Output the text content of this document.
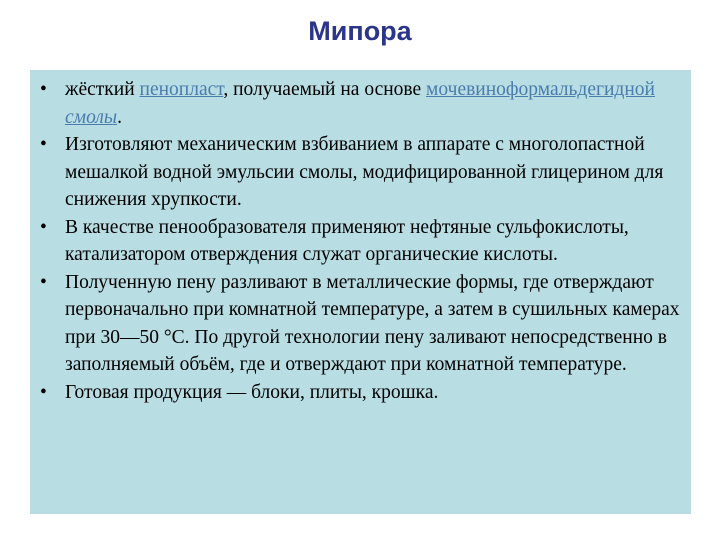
Мипора
• жёсткий пенопласт, получаемый на основе мочевиноформальдегидной смолы.
• Изготовляют механическим взбиванием в аппарате с многолопастной мешалкой водной эмульсии смолы, модифицированной глицерином для снижения хрупкости.
• В качестве пенообразователя применяют нефтяные сульфокислоты, катализатором отверждения служат органические кислоты.
• Полученную пену разливают в металлические формы, где отверждают первоначально при комнатной температуре, а затем в сушильных камерах при 30—50 °С. По другой технологии пену заливают непосредственно в заполняемый объём, где и отверждают при комнатной температуре.
• Готовая продукция — блоки, плиты, крошка.
